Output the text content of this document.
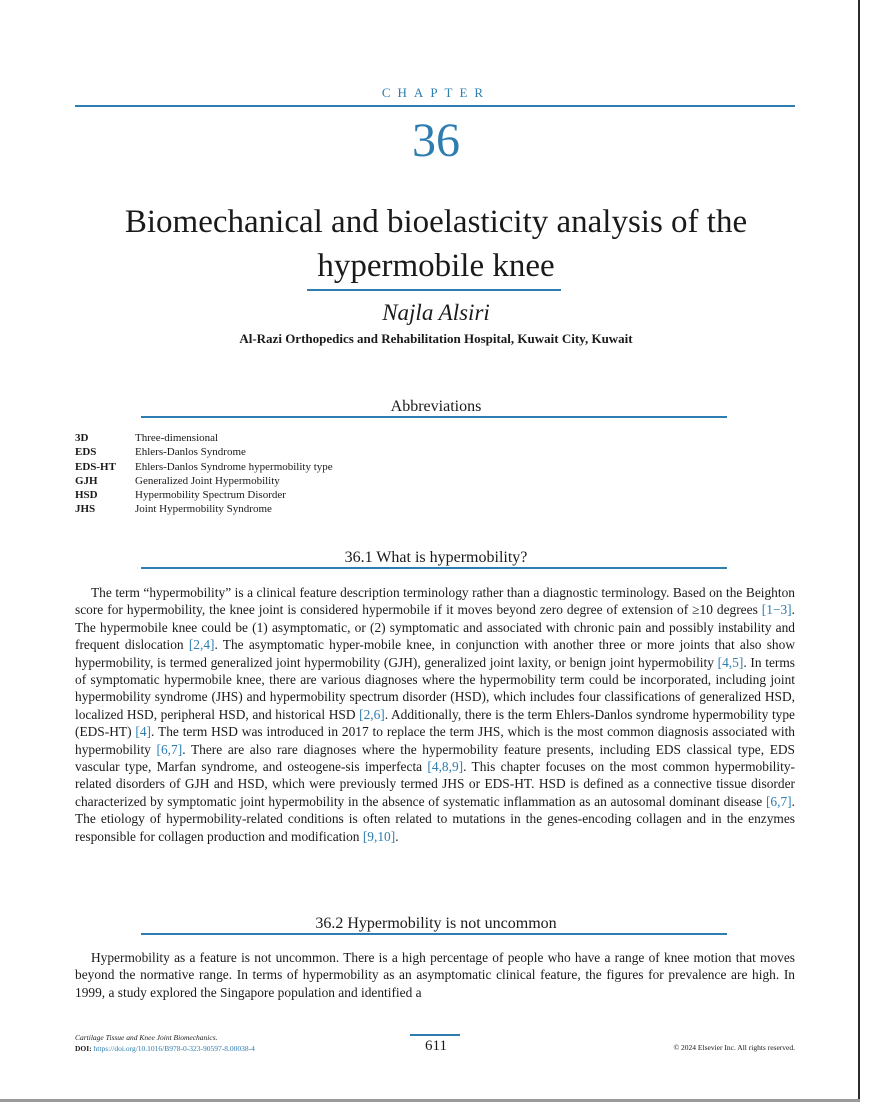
CHAPTER
36
Biomechanical and bioelasticity analysis of the hypermobile knee
Najla Alsiri
Al-Razi Orthopedics and Rehabilitation Hospital, Kuwait City, Kuwait
Abbreviations
3D	Three-dimensional
EDS	Ehlers-Danlos Syndrome
EDS-HT	Ehlers-Danlos Syndrome hypermobility type
GJH	Generalized Joint Hypermobility
HSD	Hypermobility Spectrum Disorder
JHS	Joint Hypermobility Syndrome
36.1 What is hypermobility?
The term “hypermobility” is a clinical feature description terminology rather than a diagnostic terminology. Based on the Beighton score for hypermobility, the knee joint is considered hypermobile if it moves beyond zero degree of extension of ≥10 degrees [1−3]. The hypermobile knee could be (1) asymptomatic, or (2) symptomatic and associated with chronic pain and possibly instability and frequent dislocation [2,4]. The asymptomatic hyper-mobile knee, in conjunction with another three or more joints that also show hypermobility, is termed generalized joint hypermobility (GJH), generalized joint laxity, or benign joint hypermobility [4,5]. In terms of symptomatic hypermobile knee, there are various diagnoses where the hypermobility term could be incorporated, including joint hypermobility syndrome (JHS) and hypermobility spectrum disorder (HSD), which includes four classifications of generalized HSD, localized HSD, peripheral HSD, and historical HSD [2,6]. Additionally, there is the term Ehlers-Danlos syndrome hypermobility type (EDS-HT) [4]. The term HSD was introduced in 2017 to replace the term JHS, which is the most common diagnosis associated with hypermobility [6,7]. There are also rare diagnoses where the hypermobility feature presents, including EDS classical type, EDS vascular type, Marfan syndrome, and osteogene-sis imperfecta [4,8,9]. This chapter focuses on the most common hypermobility-related disorders of GJH and HSD, which were previously termed JHS or EDS-HT. HSD is defined as a connective tissue disorder characterized by symptomatic joint hypermobility in the absence of systematic inflammation as an autosomal dominant disease [6,7]. The etiology of hypermobility-related conditions is often related to mutations in the genes-encoding collagen and in the enzymes responsible for collagen production and modification [9,10].
36.2 Hypermobility is not uncommon
Hypermobility as a feature is not uncommon. There is a high percentage of people who have a range of knee motion that moves beyond the normative range. In terms of hypermobility as an asymptomatic clinical feature, the figures for prevalence are high. In 1999, a study explored the Singapore population and identified a
Cartilage Tissue and Knee Joint Biomechanics.
DOI: https://doi.org/10.1016/B978-0-323-90597-8.00038-4	611	© 2024 Elsevier Inc. All rights reserved.
